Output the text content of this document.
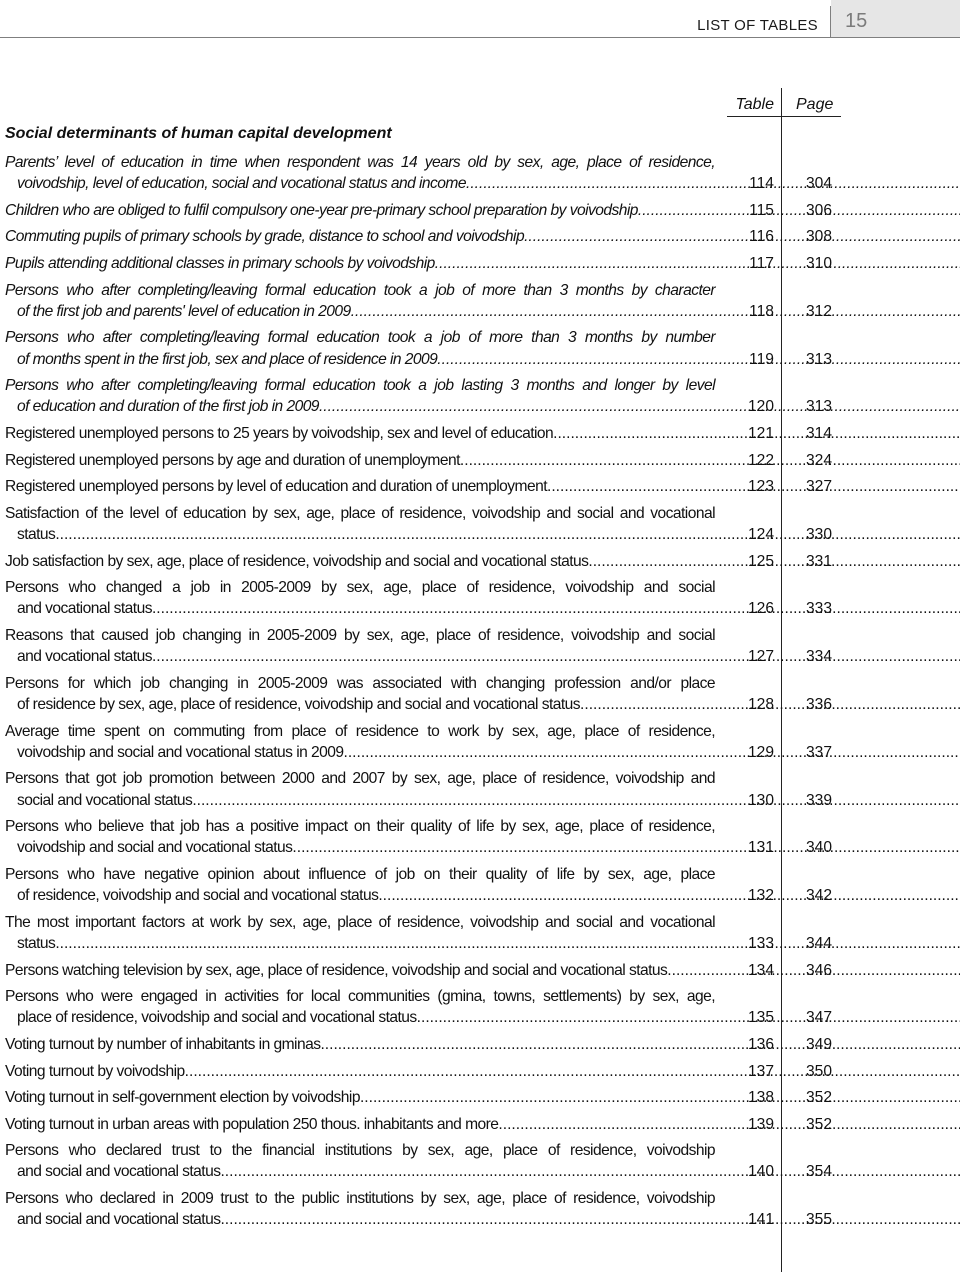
LIST OF TABLES 15
Table Page
Social determinants of human capital development
Parents’ level of education in time when respondent was 14 years old by sex, age, place of residence,
voivodship, level of education, social and vocational status and income .....	114 304
Children who are obliged to fulfil compulsory one-year pre-primary school preparation by voivodship .....	115 306
Commuting pupils of primary schools by grade, distance to school and voivodship .....	116 308
Pupils attending additional classes in primary schools by voivodship .....	117 310
Persons who after completing/leaving formal education took a job of more than 3 months by character
of the first job and parents' level of education in 2009 .....	118 312
Persons who after completing/leaving formal education took a job of more than 3 months by number
of months spent in the first job, sex and place of residence in 2009 .....	119 313
Persons who after completing/leaving formal education took a job lasting 3 months and longer by level
of education and duration of the first job in 2009 .....	120 313
Registered unemployed persons to 25 years by voivodship, sex and level of education .....	121 314
Registered unemployed persons by age and duration of unemployment .....	122 324
Registered unemployed persons by level of education and duration of unemployment .....	123 327
Satisfaction of the level of education by sex, age, place of residence, voivodship and social and vocational
status .....	124 330
Job satisfaction by sex, age, place of residence, voivodship and social and vocational status .....	125 331
Persons who changed a job in 2005-2009 by sex, age, place of residence, voivodship and social
and vocational status .....	126 333
Reasons that caused job changing in 2005-2009 by sex, age, place of residence, voivodship and social
and vocational status .....	127 334
Persons for which job changing in 2005-2009 was associated with changing profession and/or place
of residence by sex, age, place of residence, voivodship and social and vocational status .....	128 336
Average time spent on commuting from place of residence to work by sex, age, place of residence,
voivodship and social and vocational status in 2009 .....	129 337
Persons that got job promotion between 2000 and 2007 by sex, age, place of residence, voivodship and
social and vocational status .....	130 339
Persons who believe that job has a positive impact on their quality of life by sex, age, place of residence,
voivodship and social and vocational status .....	131 340
Persons who have negative opinion about influence of job on their quality of life by sex, age, place
of residence, voivodship and social and vocational status .....	132 342
The most important factors at work by sex, age, place of residence, voivodship and social and vocational
status .....	133 344
Persons watching television by sex, age, place of residence, voivodship and social and vocational status .....	134 346
Persons who were engaged in activities for local communities (gmina, towns, settlements) by sex, age,
place of residence, voivodship and social and vocational status .....	135 347
Voting turnout by number of inhabitants in gminas .....	136 349
Voting turnout by voivodship .....	137 350
Voting turnout in self-government election by voivodship .....	138 352
Voting turnout in urban areas with population 250 thous. inhabitants and more .....	139 352
Persons who declared trust to the financial institutions by sex, age, place of residence, voivodship
and social and vocational status .....	140 354
Persons who declared in 2009 trust to the public institutions by sex, age, place of residence, voivodship
and social and vocational status .....	141 355
